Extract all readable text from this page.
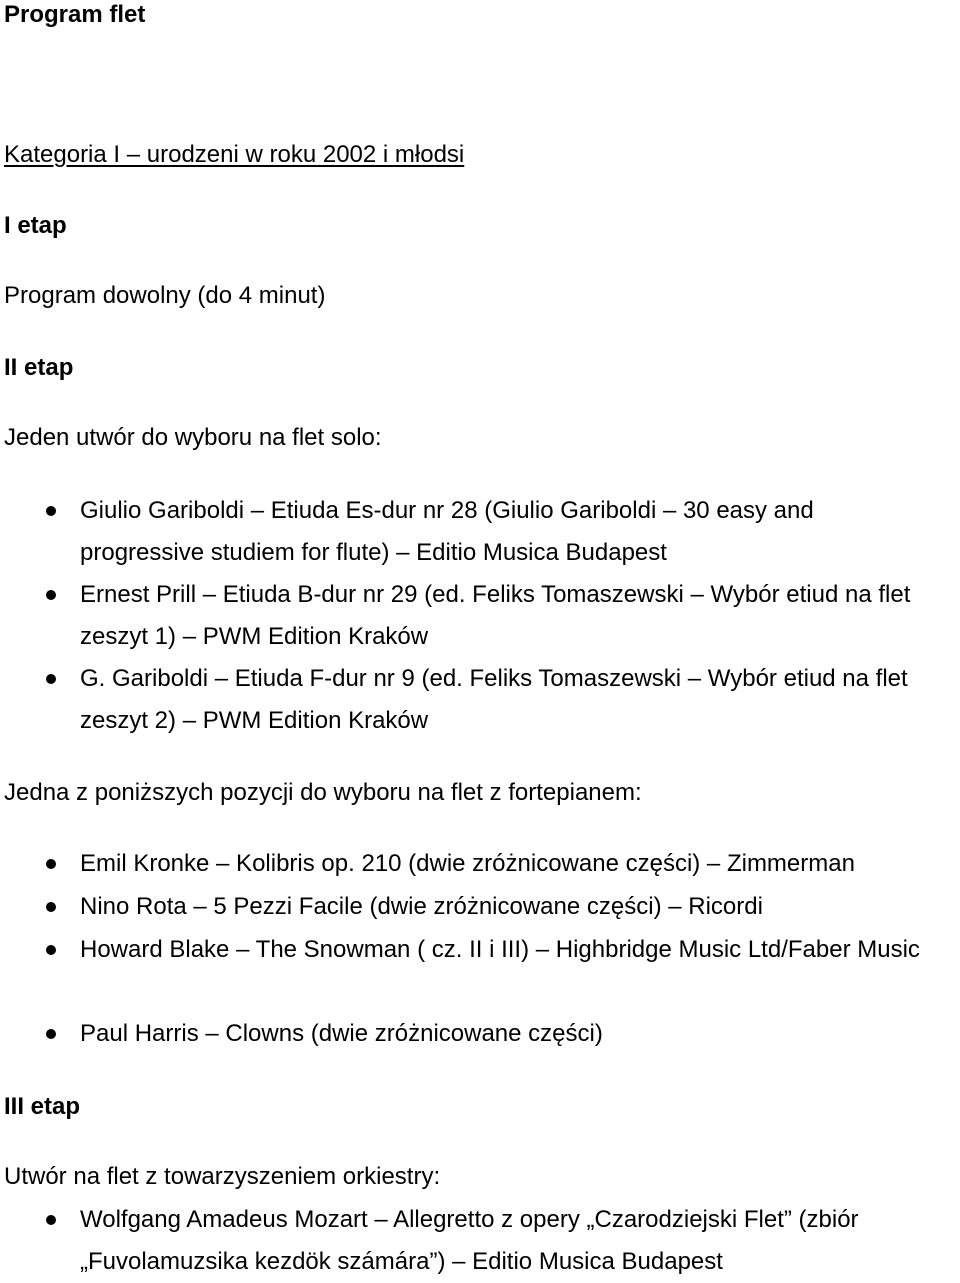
Program flet
Kategoria I – urodzeni w roku 2002 i młodsi
I etap
Program dowolny (do 4 minut)
II etap
Jeden utwór do wyboru na flet solo:
Giulio Gariboldi – Etiuda Es-dur nr 28 (Giulio Gariboldi – 30 easy and progressive studiem for flute) – Editio Musica Budapest
Ernest Prill – Etiuda B-dur nr 29 (ed. Feliks Tomaszewski – Wybór etiud na flet zeszyt 1) – PWM Edition Kraków
G. Gariboldi – Etiuda F-dur nr 9 (ed. Feliks Tomaszewski – Wybór etiud na flet zeszyt 2) – PWM Edition Kraków
Jedna z poniższych pozycji do wyboru na flet z fortepianem:
Emil Kronke – Kolibris op. 210 (dwie zróżnicowane części) – Zimmerman
Nino Rota – 5 Pezzi Facile (dwie zróżnicowane części) – Ricordi
Howard Blake – The Snowman ( cz. II i III) – Highbridge Music Ltd/Faber Music
Paul Harris – Clowns (dwie zróżnicowane części)
III etap
Utwór na flet z towarzyszeniem orkiestry:
Wolfgang Amadeus Mozart – Allegretto z opery „Czarodziejski Flet” (zbiór „Fuvolamuzsika kezdök számára”) – Editio Musica Budapest
